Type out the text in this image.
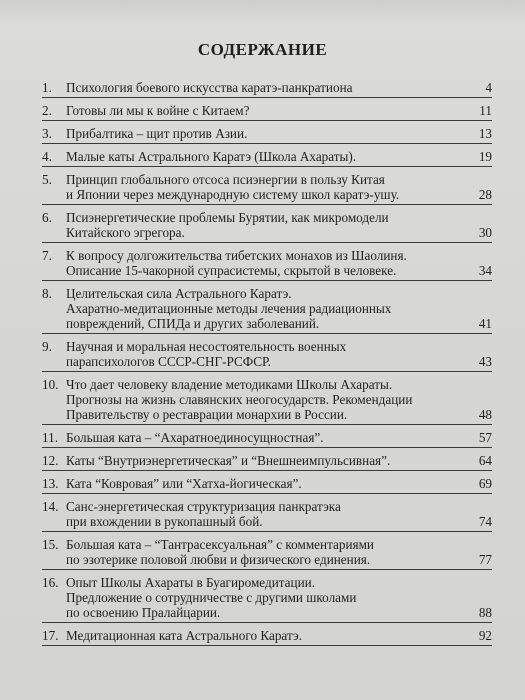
СОДЕРЖАНИЕ
1.	Психология боевого искусства каратэ-панкратиона	4
2.	Готовы ли мы к войне с Китаем?	11
3.	Прибалтика – щит против Азии.	13
4.	Малые каты Астрального Каратэ (Школа Ахараты).	19
5.	Принцип глобального отсоса псиэнергии в пользу Китая
и Японии через международную систему школ каратэ-ушу.	28
6.	Псиэнергетические проблемы Бурятии, как микромодели
Китайского эгрегора.	30
7.	К вопросу долгожительства тибетских монахов из Шаолиня.
Описание 15-чакорной супрасистемы, скрытой в человеке.	34
8.	Целительская сила Астрального Каратэ.
Ахаратно-медитационные методы лечения радиационных
повреждений, СПИДа и других заболеваний.	41
9.	Научная и моральная несостоятельность военных
парапсихологов СССР-СНГ-РСФСР.	43
10. Что дает человеку владение методиками Школы Ахараты.
Прогнозы на жизнь славянских неогосударств. Рекомендации
Правительству о реставрации монархии в России.	48
11. Большая ката – “Ахаратноединосущностная”.	57
12. Каты “Внутриэнергетическая” и “Внешнеимпульсивная”.	64
13. Ката “Ковровая” или “Хатха-йогическая”.	69
14. Санс-энергетическая структуризация панкратэка
при вхождении в рукопашный бой.	74
15. Большая ката – “Тантрасексуальная” с комментариями
по эзотерике половой любви и физического единения.	77
16. Опыт Школы Ахараты в Буагиромедитации.
Предложение о сотрудничестве с другими школами
по освоению Пралайцарии.	88
17. Медитационная ката Астрального Каратэ.	92
